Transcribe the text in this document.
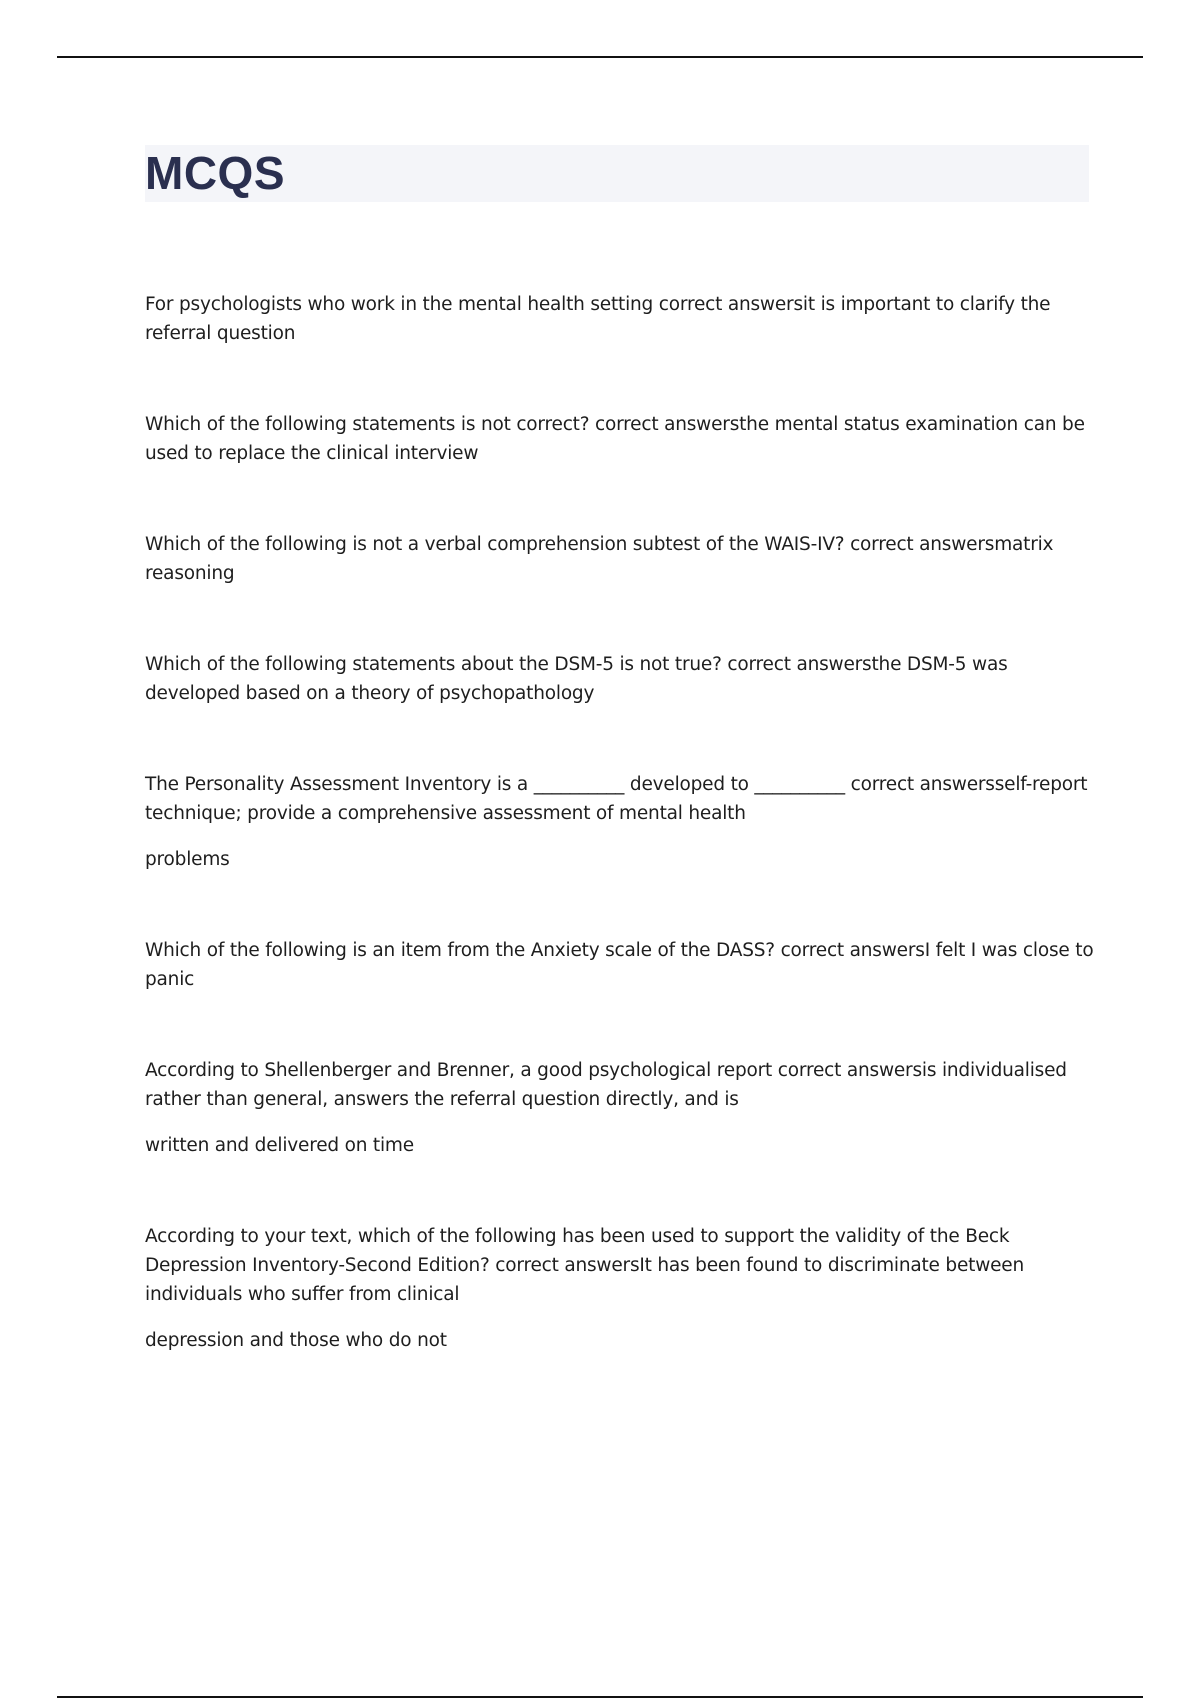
MCQS

For psychologists who work in the mental health setting correct answersit is important to clarify the referral question

Which of the following statements is not correct? correct answersthe mental status examination can be used to replace the clinical interview

Which of the following is not a verbal comprehension subtest of the WAIS-IV? correct answersmatrix reasoning

Which of the following statements about the DSM-5 is not true? correct answersthe DSM-5 was developed based on a theory of psychopathology

The Personality Assessment Inventory is a __________ developed to __________ correct answersself-report technique; provide a comprehensive assessment of mental health
problems

Which of the following is an item from the Anxiety scale of the DASS? correct answersI felt I was close to panic

According to Shellenberger and Brenner, a good psychological report correct answersis individualised rather than general, answers the referral question directly, and is
written and delivered on time

According to your text, which of the following has been used to support the validity of the Beck Depression Inventory-Second Edition? correct answersIt has been found to discriminate between individuals who suffer from clinical
depression and those who do not
